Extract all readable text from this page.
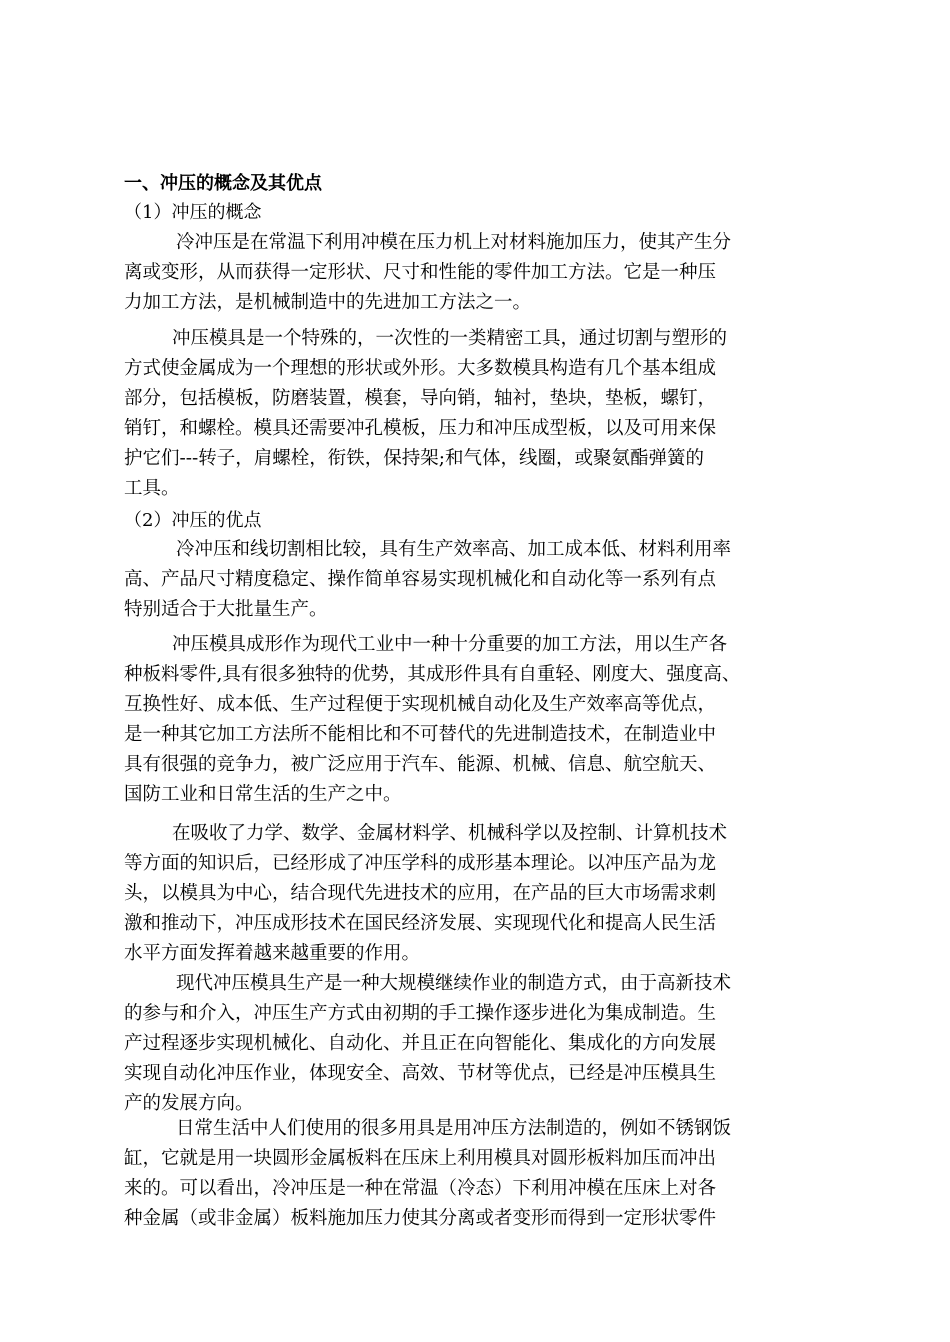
一、冲压的概念及其优点
（1）冲压的概念
冷冲压是在常温下利用冲模在压力机上对材料施加压力，使其产生分
离或变形，从而获得一定形状、尺寸和性能的零件加工方法。它是一种压
力加工方法，是机械制造中的先进加工方法之一。
冲压模具是一个特殊的，一次性的一类精密工具，通过切割与塑形的
方式使金属成为一个理想的形状或外形。大多数模具构造有几个基本组成
部分，包括模板，防磨装置，模套，导向销，轴衬，垫块，垫板，螺钉，
销钉，和螺栓。模具还需要冲孔模板，压力和冲压成型板，以及可用来保
护它们---转子，肩螺栓，衔铁，保持架;和气体，线圈，或聚氨酯弹簧的
工具。
（2）冲压的优点
冷冲压和线切割相比较，具有生产效率高、加工成本低、材料利用率
高、产品尺寸精度稳定、操作简单容易实现机械化和自动化等一系列有点
特别适合于大批量生产。
冲压模具成形作为现代工业中一种十分重要的加工方法，用以生产各
种板料零件,具有很多独特的优势，其成形件具有自重轻、刚度大、强度高、
互换性好、成本低、生产过程便于实现机械自动化及生产效率高等优点，
是一种其它加工方法所不能相比和不可替代的先进制造技术，在制造业中
具有很强的竞争力，被广泛应用于汽车、能源、机械、信息、航空航天、
国防工业和日常生活的生产之中。
在吸收了力学、数学、金属材料学、机械科学以及控制、计算机技术
等方面的知识后，已经形成了冲压学科的成形基本理论。以冲压产品为龙
头，以模具为中心，结合现代先进技术的应用，在产品的巨大市场需求刺
激和推动下，冲压成形技术在国民经济发展、实现现代化和提高人民生活
水平方面发挥着越来越重要的作用。
现代冲压模具生产是一种大规模继续作业的制造方式，由于高新技术
的参与和介入，冲压生产方式由初期的手工操作逐步进化为集成制造。生
产过程逐步实现机械化、自动化、并且正在向智能化、集成化的方向发展
实现自动化冲压作业，体现安全、高效、节材等优点，已经是冲压模具生
产的发展方向。
日常生活中人们使用的很多用具是用冲压方法制造的，例如不锈钢饭
缸，它就是用一块圆形金属板料在压床上利用模具对圆形板料加压而冲出
来的。可以看出，冷冲压是一种在常温（冷态）下利用冲模在压床上对各
种金属（或非金属）板料施加压力使其分离或者变形而得到一定形状零件
